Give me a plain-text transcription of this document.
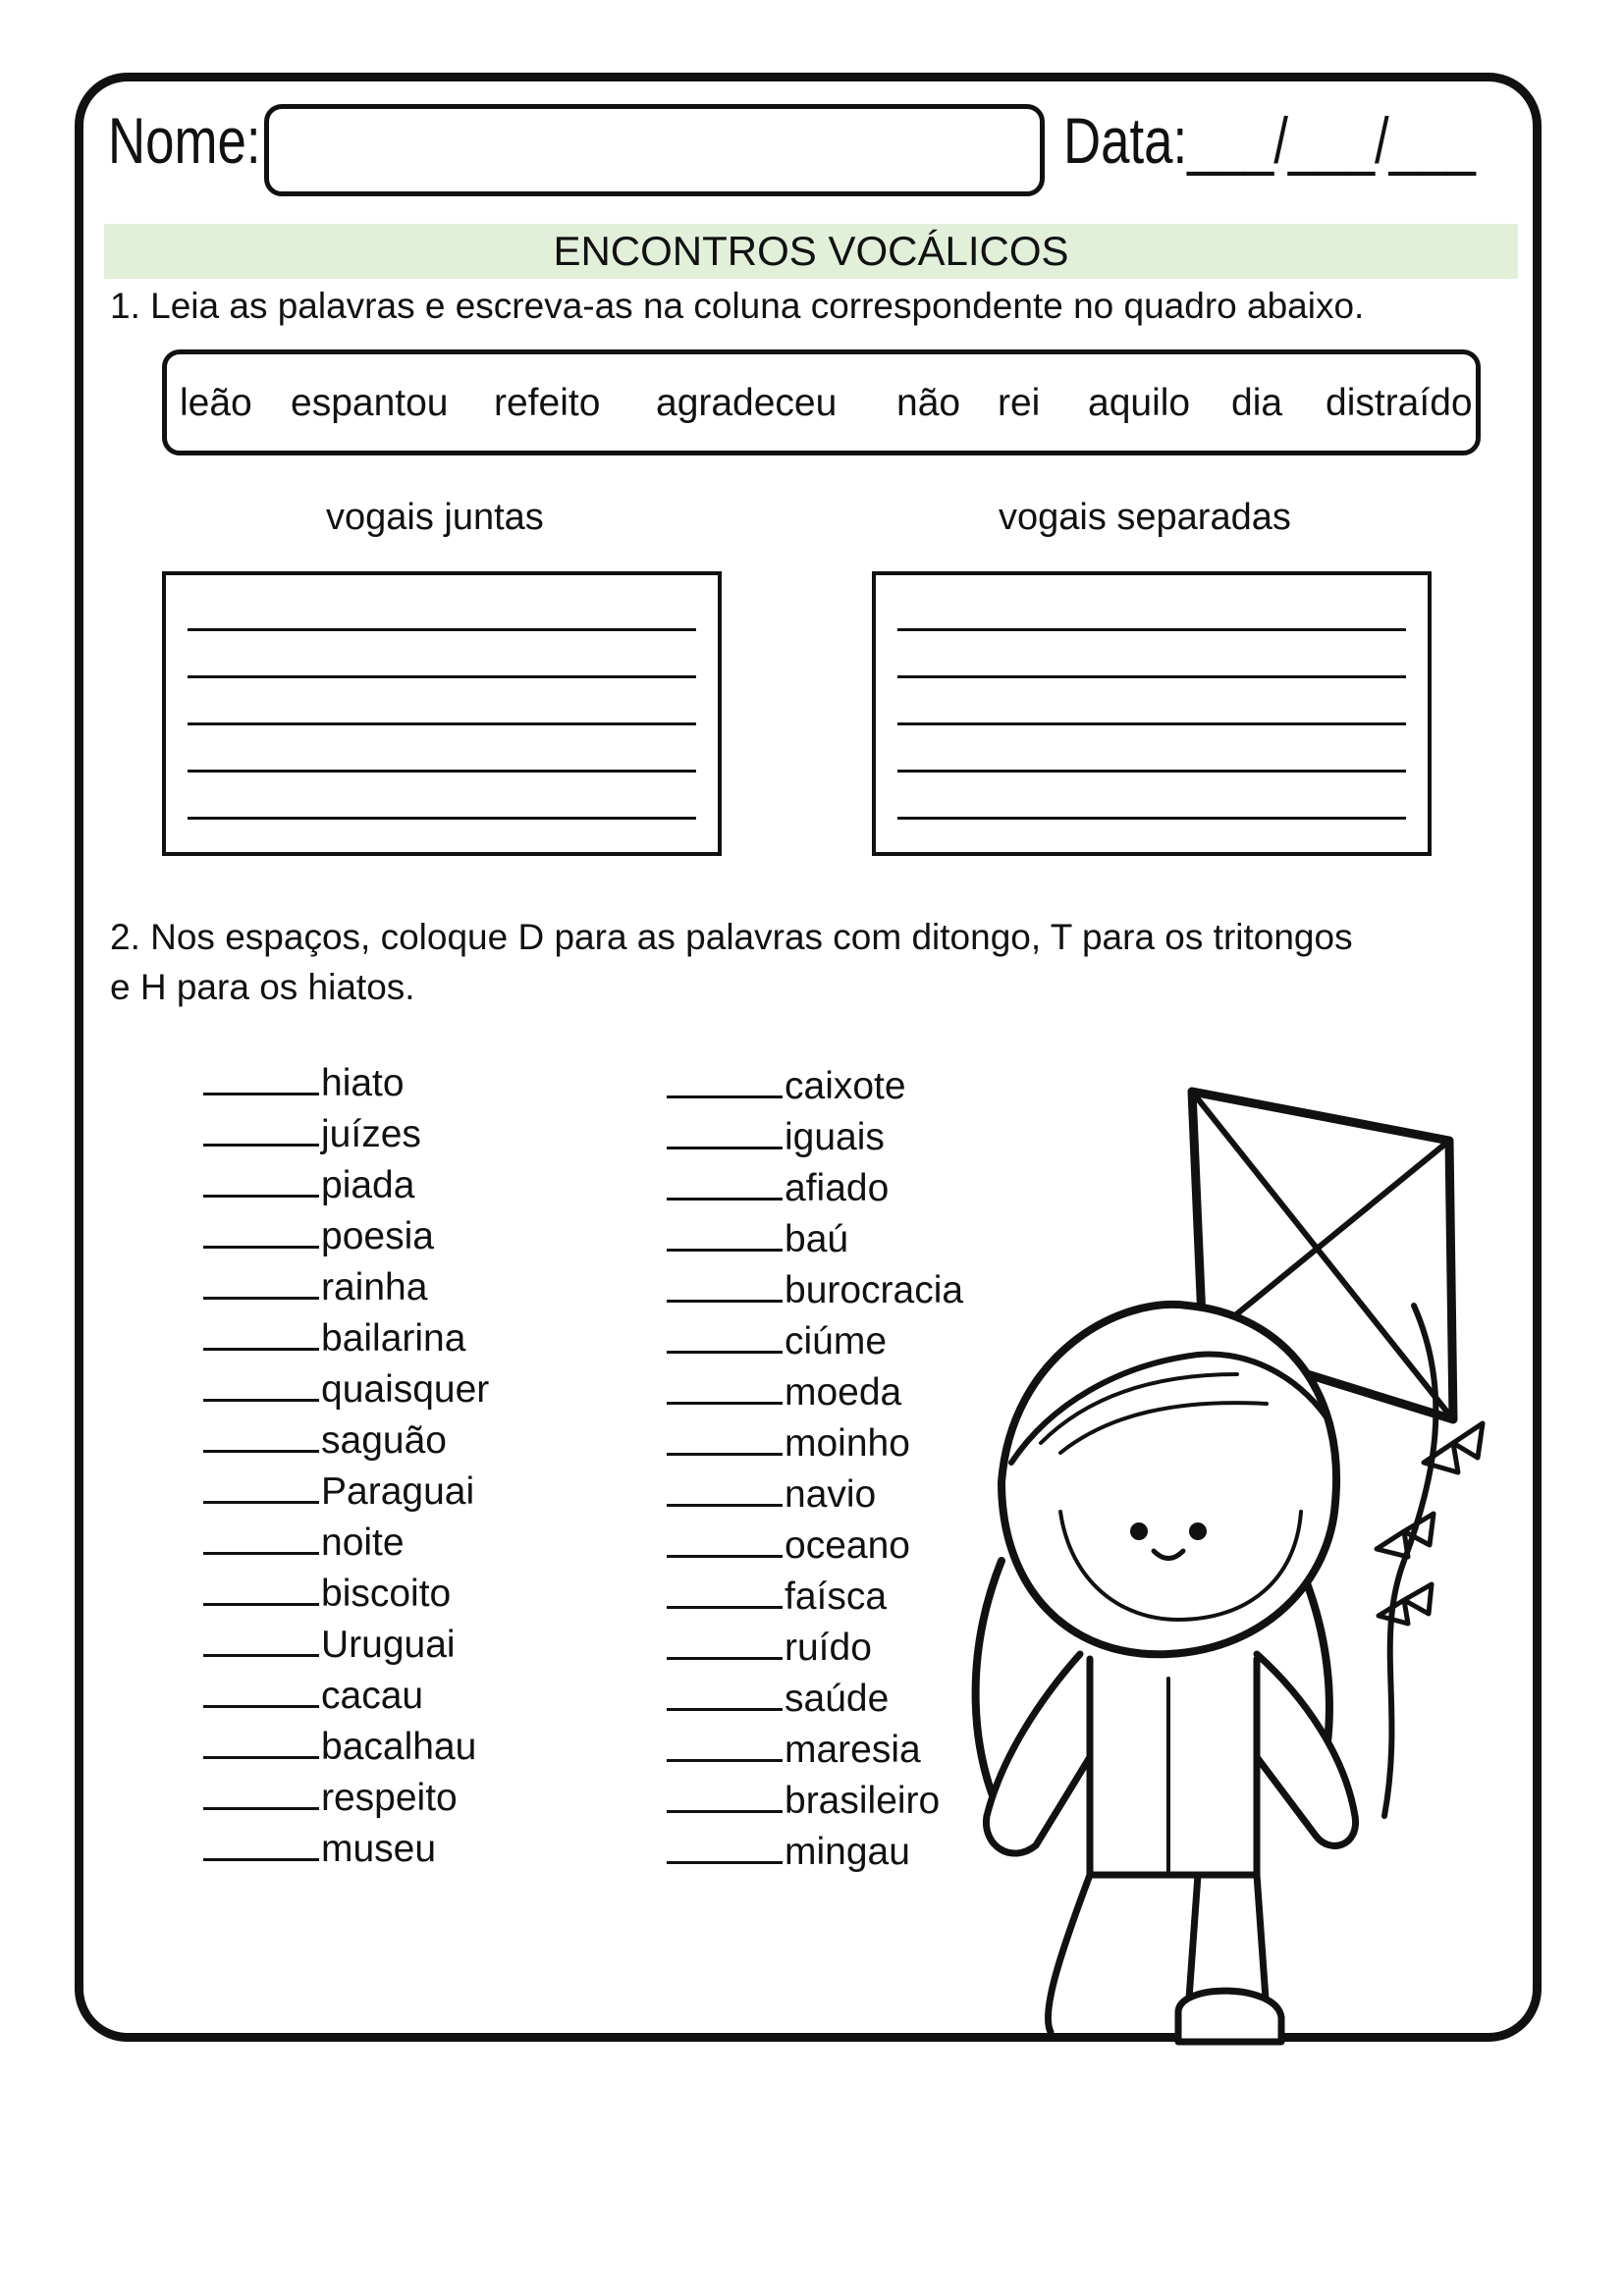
Nome:	Data:___/___/___
ENCONTROS VOCÁLICOS
1. Leia as palavras e escreva-as na coluna correspondente no quadro abaixo.
leão espantou refeito agradeceu não rei aquilo dia distraído
vogais juntas	vogais separadas
2. Nos espaços, coloque D para as palavras com ditongo, T para os tritongos
e H para os hiatos.
hiato
juízes
piada
poesia
rainha
bailarina
quaisquer
saguão
Paraguai
noite
biscoito
Uruguai
cacau
bacalhau
respeito
museu
caixote
iguais
afiado
baú
burocracia
ciúme
moeda
moinho
navio
oceano
faísca
ruído
saúde
maresia
brasileiro
mingau
